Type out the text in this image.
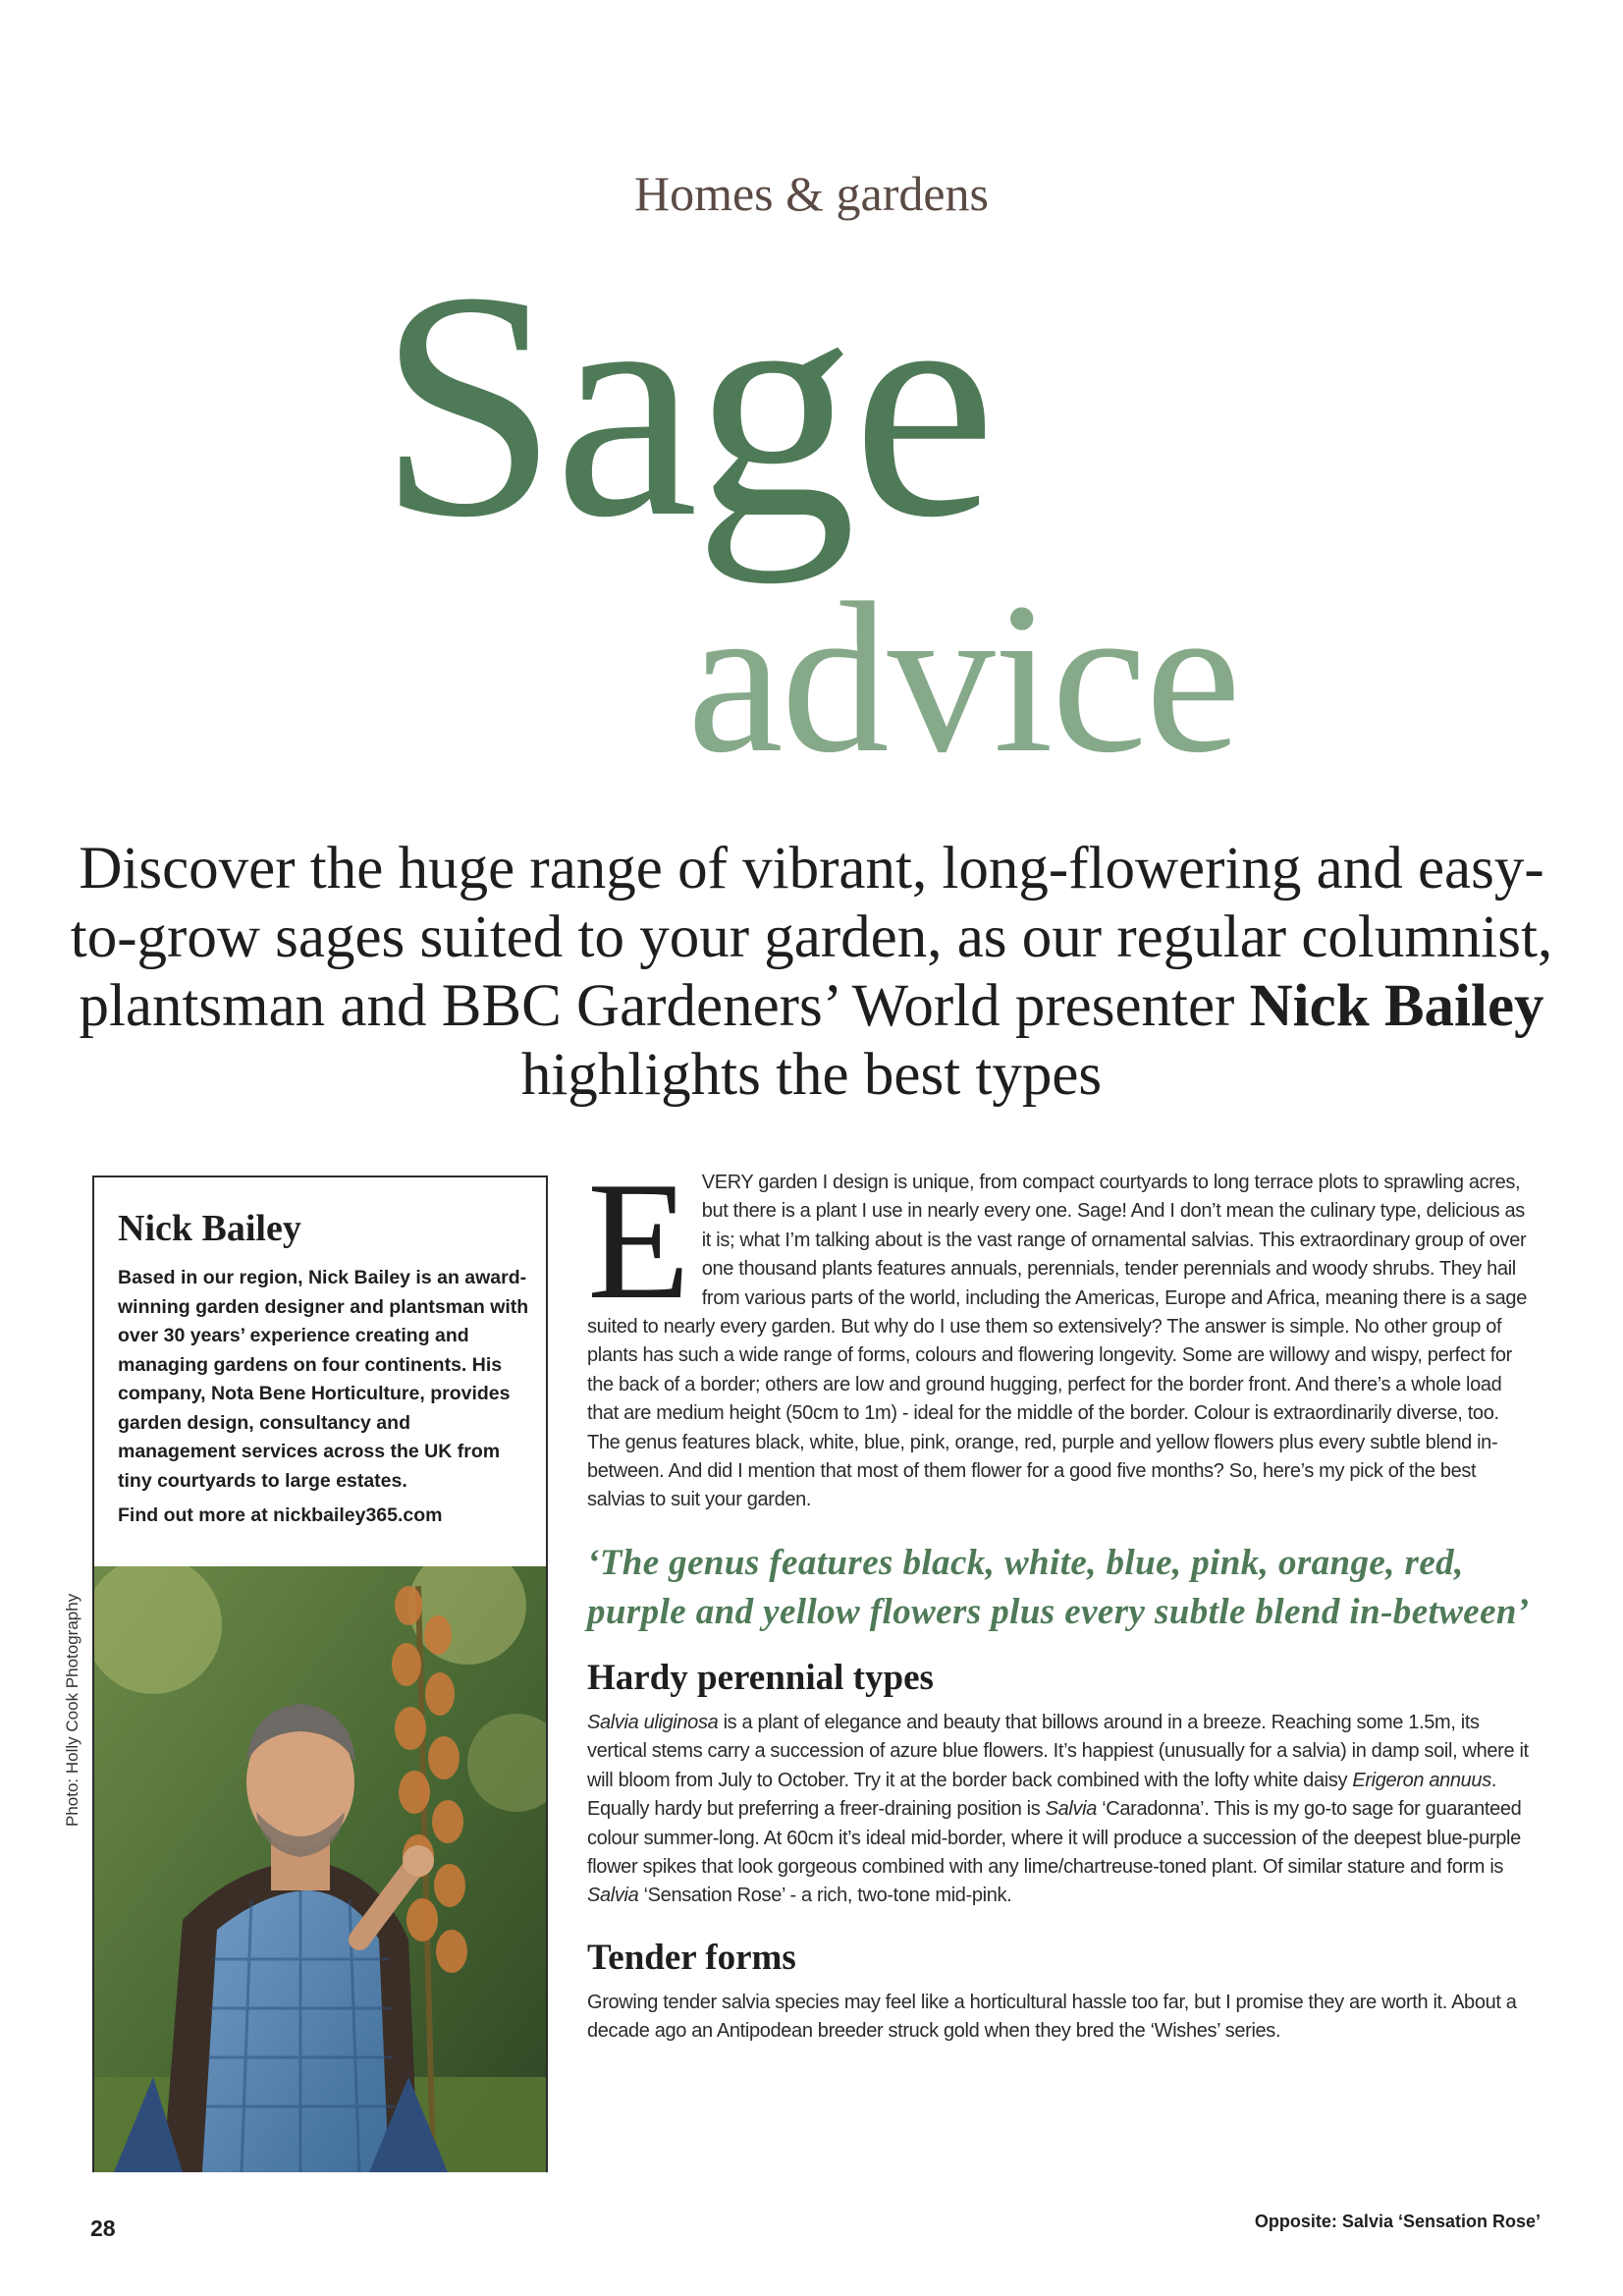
Homes & gardens
Sage
advice
Discover the huge range of vibrant, long-flowering and easy-to-grow sages suited to your garden, as our regular columnist, plantsman and BBC Gardeners’ World presenter Nick Bailey highlights the best types
Nick Bailey
Based in our region, Nick Bailey is an award-winning garden designer and plantsman with over 30 years’ experience creating and managing gardens on four continents. His company, Nota Bene Horticulture, provides garden design, consultancy and management services across the UK from tiny courtyards to large estates.
Find out more at nickbailey365.com
Photo: Holly Cook Photography

EVERY garden I design is unique, from compact courtyards to long terrace plots to sprawling acres, but there is a plant I use in nearly every one. Sage! And I don’t mean the culinary type, delicious as it is; what I’m talking about is the vast range of ornamental salvias. This extraordinary group of over one thousand plants features annuals, perennials, tender perennials and woody shrubs. They hail from various parts of the world, including the Americas, Europe and Africa, meaning there is a sage suited to nearly every garden. But why do I use them so extensively? The answer is simple. No other group of plants has such a wide range of forms, colours and flowering longevity. Some are willowy and wispy, perfect for the back of a border; others are low and ground hugging, perfect for the border front. And there’s a whole load that are medium height (50cm to 1m) - ideal for the middle of the border. Colour is extraordinarily diverse, too. The genus features black, white, blue, pink, orange, red, purple and yellow flowers plus every subtle blend in-between. And did I mention that most of them flower for a good five months? So, here’s my pick of the best salvias to suit your garden.

‘The genus features black, white, blue, pink, orange, red, purple and yellow flowers plus every subtle blend in-between’
Hardy perennial types

Salvia uliginosa is a plant of elegance and beauty that billows around in a breeze. Reaching some 1.5m, its vertical stems carry a succession of azure blue flowers. It’s happiest (unusually for a salvia) in damp soil, where it will bloom from July to October. Try it at the border back combined with the lofty white daisy Erigeron annuus. Equally hardy but preferring a freer-draining position is Salvia ‘Caradonna’. This is my go-to sage for guaranteed colour summer-long. At 60cm it’s ideal mid-border, where it will produce a succession of the deepest blue-purple flower spikes that look gorgeous combined with any lime/chartreuse-toned plant. Of similar stature and form is Salvia ‘Sensation Rose’ - a rich, two-tone mid-pink.

Tender forms

Growing tender salvia species may feel like a horticultural hassle too far, but I promise they are worth it. About a decade ago an Antipodean breeder struck gold when they bred the ‘Wishes’ series.

28	Opposite: Salvia ‘Sensation Rose’
